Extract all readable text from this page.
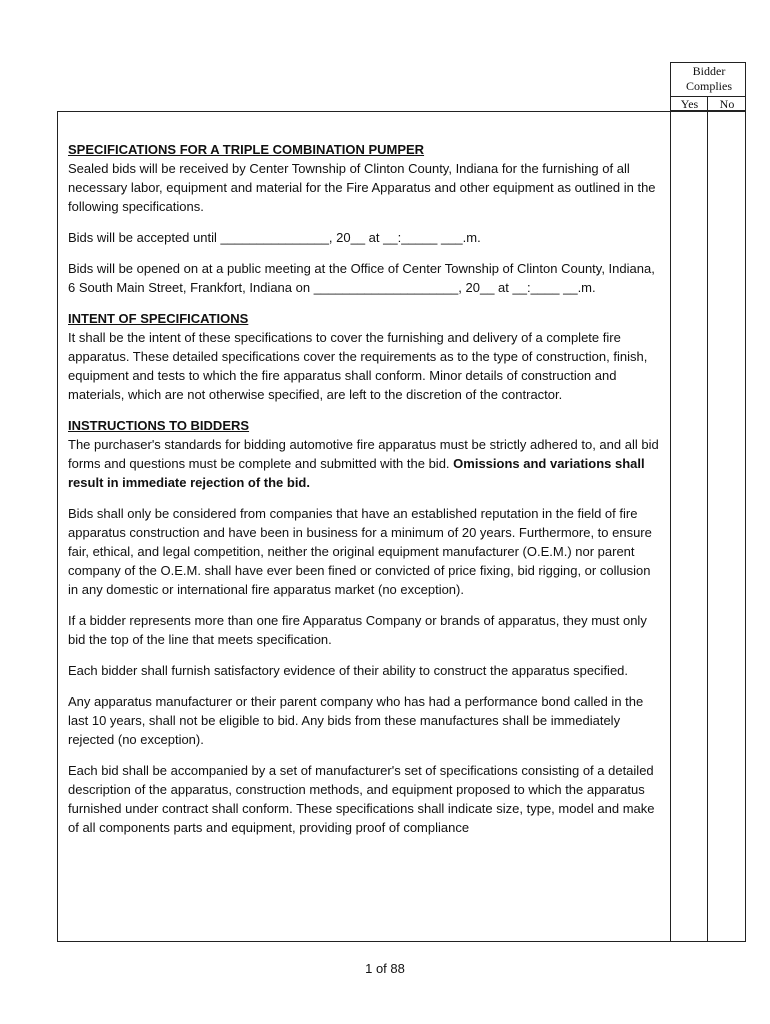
Bidder
Complies
Yes	No

SPECIFICATIONS FOR A TRIPLE COMBINATION PUMPER
Sealed bids will be received by Center Township of Clinton County, Indiana for the furnishing of all necessary labor, equipment and material for the Fire Apparatus and other equipment as outlined in the following specifications.

Bids will be accepted until _______________, 20__ at __:_____ ___.m.

Bids will be opened on at a public meeting at the Office of Center Township of Clinton County, Indiana, 6 South Main Street, Frankfort, Indiana on ____________________, 20__ at __:____ __.m.

INTENT OF SPECIFICATIONS
It shall be the intent of these specifications to cover the furnishing and delivery of a complete fire apparatus. These detailed specifications cover the requirements as to the type of construction, finish, equipment and tests to which the fire apparatus shall conform. Minor details of construction and materials, which are not otherwise specified, are left to the discretion of the contractor.

INSTRUCTIONS TO BIDDERS
The purchaser's standards for bidding automotive fire apparatus must be strictly adhered to, and all bid forms and questions must be complete and submitted with the bid. Omissions and variations shall result in immediate rejection of the bid.

Bids shall only be considered from companies that have an established reputation in the field of fire apparatus construction and have been in business for a minimum of 20 years. Furthermore, to ensure fair, ethical, and legal competition, neither the original equipment manufacturer (O.E.M.) nor parent company of the O.E.M. shall have ever been fined or convicted of price fixing, bid rigging, or collusion in any domestic or international fire apparatus market (no exception).

If a bidder represents more than one fire Apparatus Company or brands of apparatus, they must only bid the top of the line that meets specification.

Each bidder shall furnish satisfactory evidence of their ability to construct the apparatus specified.

Any apparatus manufacturer or their parent company who has had a performance bond called in the last 10 years, shall not be eligible to bid. Any bids from these manufactures shall be immediately rejected (no exception).

Each bid shall be accompanied by a set of manufacturer's set of specifications consisting of a detailed description of the apparatus, construction methods, and equipment proposed to which the apparatus furnished under contract shall conform. These specifications shall indicate size, type, model and make of all components parts and equipment, providing proof of compliance

1 of 88
